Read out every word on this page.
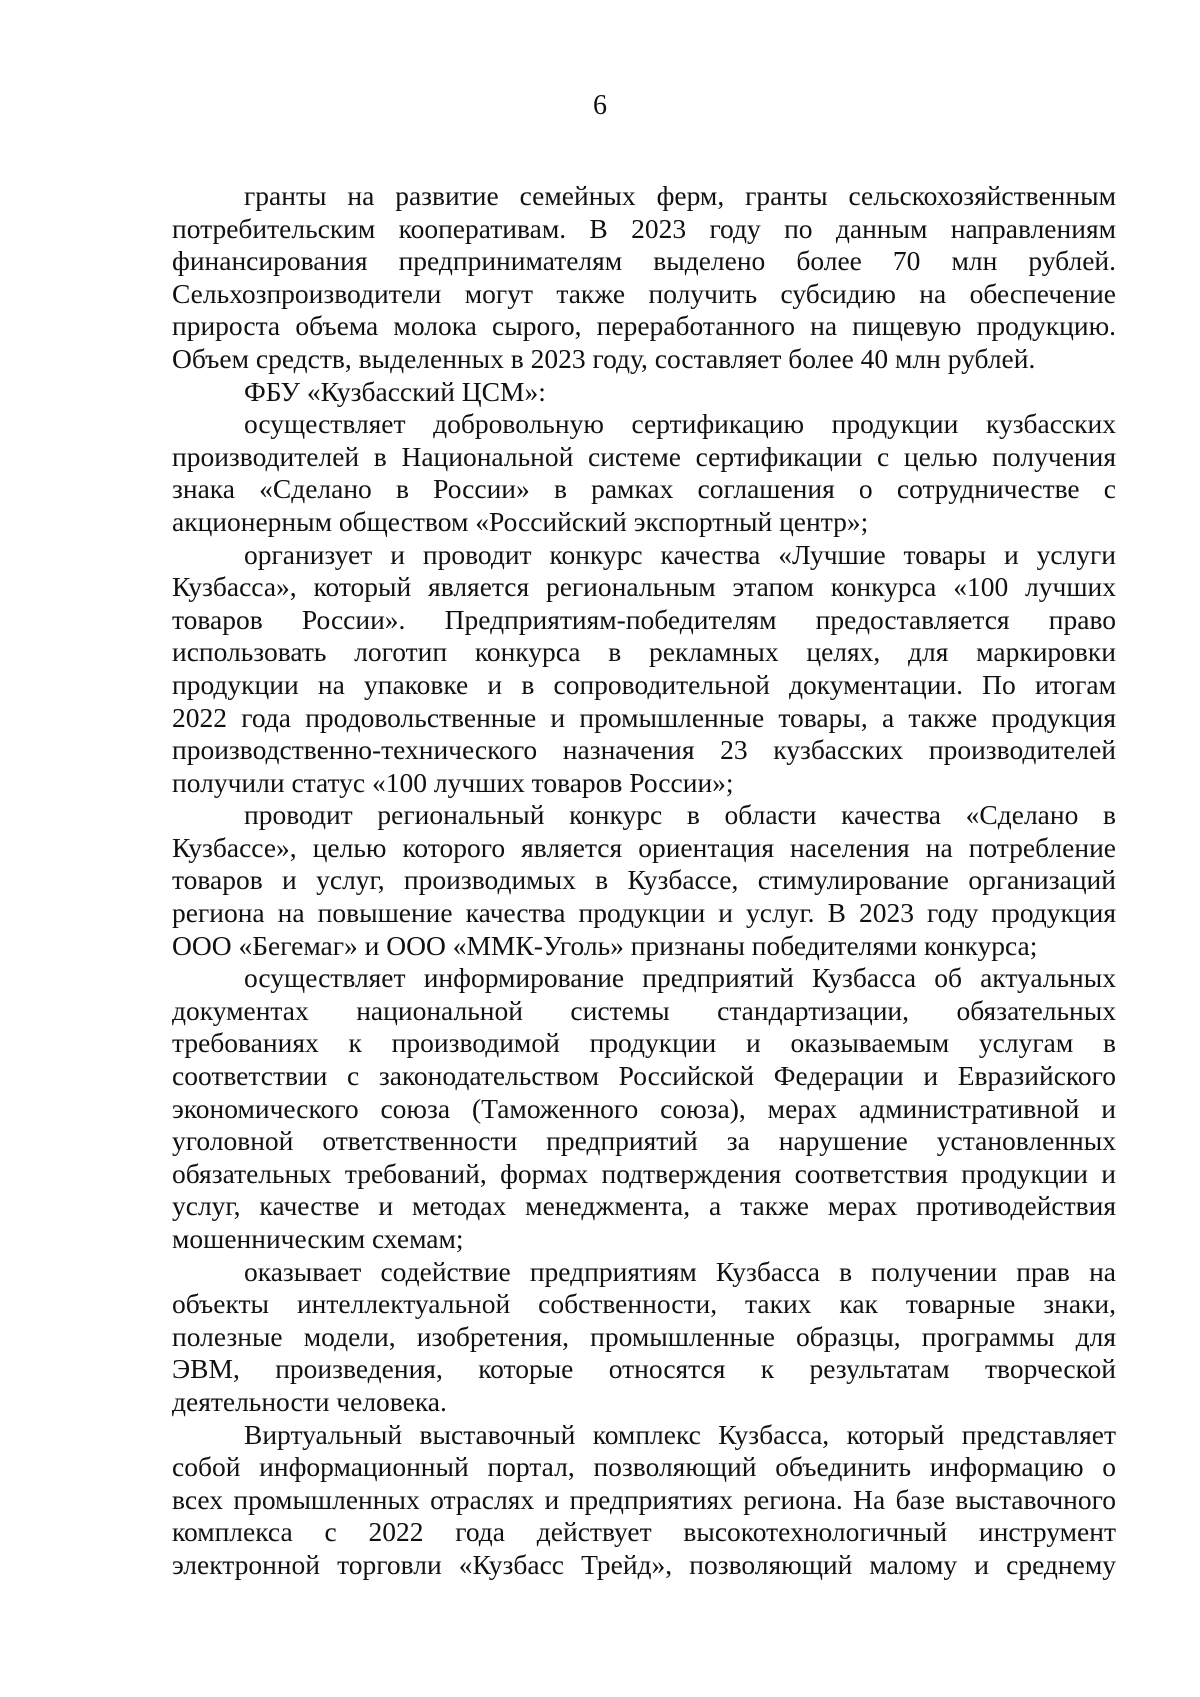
6
гранты на развитие семейных ферм, гранты сельскохозяйственным
потребительским кооперативам. В 2023 году по данным направлениям
финансирования предпринимателям выделено более 70 млн рублей.
Сельхозпроизводители могут также получить субсидию на обеспечение
прироста объема молока сырого, переработанного на пищевую продукцию.
Объем средств, выделенных в 2023 году, составляет более 40 млн рублей.
ФБУ «Кузбасский ЦСМ»:
осуществляет добровольную сертификацию продукции кузбасских
производителей в Национальной системе сертификации с целью получения
знака «Сделано в России» в рамках соглашения о сотрудничестве с
акционерным обществом «Российский экспортный центр»;
организует и проводит конкурс качества «Лучшие товары и услуги
Кузбасса», который является региональным этапом конкурса «100 лучших
товаров России». Предприятиям-победителям предоставляется право
использовать логотип конкурса в рекламных целях, для маркировки
продукции на упаковке и в сопроводительной документации. По итогам
2022 года продовольственные и промышленные товары, а также продукция
производственно-технического назначения 23 кузбасских производителей
получили статус «100 лучших товаров России»;
проводит региональный конкурс в области качества «Сделано в
Кузбассе», целью которого является ориентация населения на потребление
товаров и услуг, производимых в Кузбассе, стимулирование организаций
региона на повышение качества продукции и услуг. В 2023 году продукция
ООО «Бегемаг» и ООО «ММК-Уголь» признаны победителями конкурса;
осуществляет информирование предприятий Кузбасса об актуальных
документах национальной системы стандартизации, обязательных
требованиях к производимой продукции и оказываемым услугам в
соответствии с законодательством Российской Федерации и Евразийского
экономического союза (Таможенного союза), мерах административной и
уголовной ответственности предприятий за нарушение установленных
обязательных требований, формах подтверждения соответствия продукции и
услуг, качестве и методах менеджмента, а также мерах противодействия
мошенническим схемам;
оказывает содействие предприятиям Кузбасса в получении прав на
объекты интеллектуальной собственности, таких как товарные знаки,
полезные модели, изобретения, промышленные образцы, программы для
ЭВМ, произведения, которые относятся к результатам творческой
деятельности человека.
Виртуальный выставочный комплекс Кузбасса, который представляет
собой информационный портал, позволяющий объединить информацию о
всех промышленных отраслях и предприятиях региона. На базе выставочного
комплекса с 2022 года действует высокотехнологичный инструмент
электронной торговли «Кузбасс Трейд», позволяющий малому и среднему
